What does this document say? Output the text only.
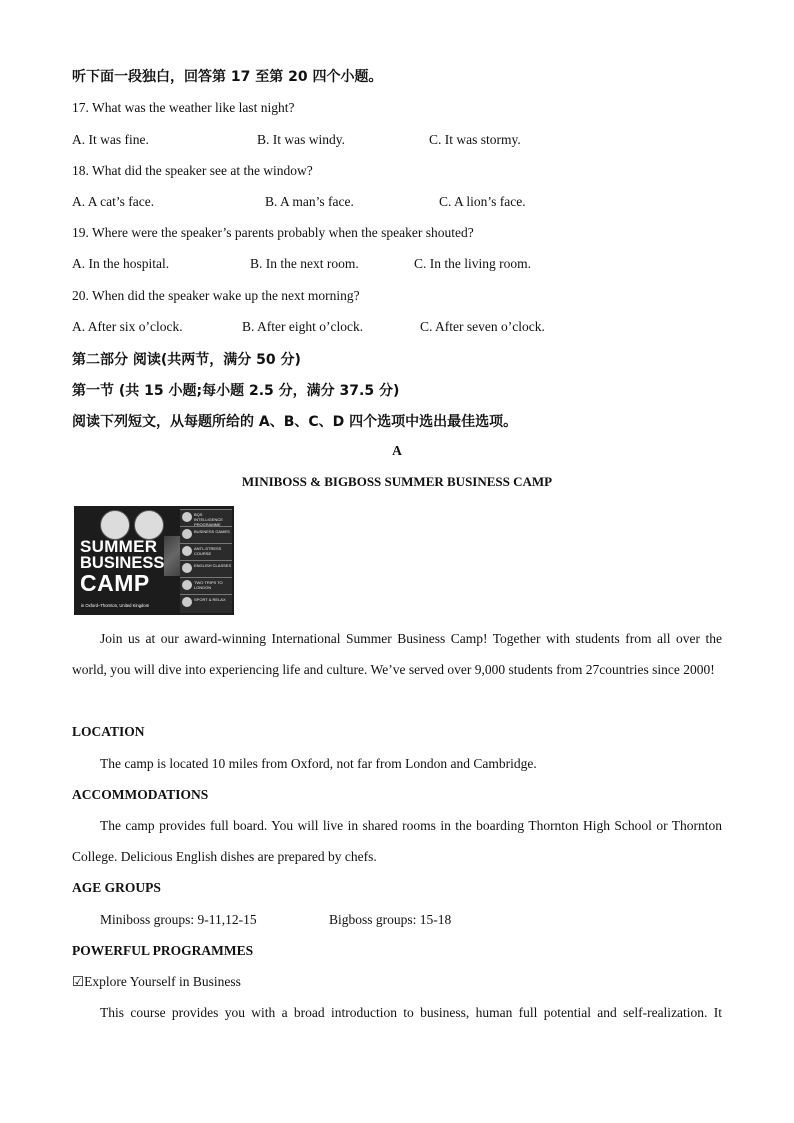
听下面一段独白，回答第 17 至第 20 四个小题。
17. What was the weather like last night?
A. It was fine.	B. It was windy.	C. It was stormy.
18. What did the speaker see at the window?
A. A cat’s face.	B. A man’s face.	C. A lion’s face.
19. Where were the speaker’s parents probably when the speaker shouted?
A. In the hospital.	B. In the next room.	C. In the living room.
20. When did the speaker wake up the next morning?
A. After six o’clock.	B. After eight o’clock.	C. After seven o’clock.
第二部分 阅读(共两节，满分 50 分)
第一节 (共 15 小题;每小题 2.5 分，满分 37.5 分)
阅读下列短文，从每题所给的 A、B、C、D 四个选项中选出最佳选项。
A
MINIBOSS & BIGBOSS SUMMER BUSINESS CAMP
SUMMER
BUSINESS
CAMP
in Oxford–Thornton, United Kingdom
BQS INTELLIGENCE PROGRAMME
BUSINESS GAMES
ANTI–STRESS COURSE
ENGLISH CLASSES
TWO TRIPS TO LONDON
SPORT & RELAX
Join us at our award-winning International Summer Business Camp! Together with students from all over the world, you will dive into experiencing life and culture. We’ve served over 9,000 students from 27countries since 2000!
LOCATION
The camp is located 10 miles from Oxford, not far from London and Cambridge.
ACCOMMODATIONS
The camp provides full board. You will live in shared rooms in the boarding Thornton High School or Thornton College. Delicious English dishes are prepared by chefs.
AGE GROUPS
Miniboss groups: 9-11,12-15	Bigboss groups: 15-18
POWERFUL PROGRAMMES
☑Explore Yourself in Business
This course provides you with a broad introduction to business, human full potential and self-realization. It
